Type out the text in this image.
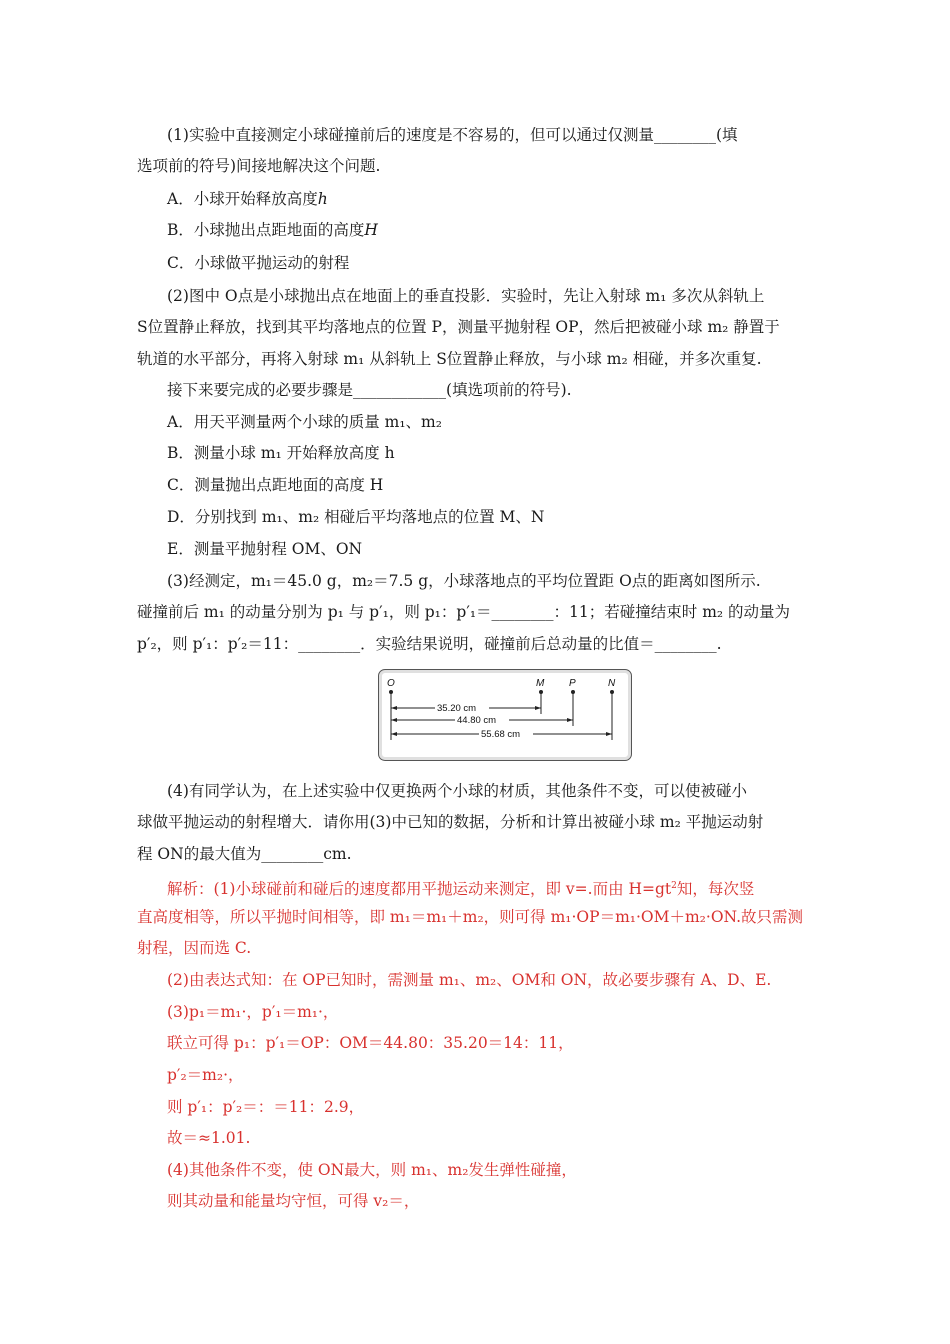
(1)实验中直接测定小球碰撞前后的速度是不容易的，但可以通过仅测量________(填
选项前的符号)间接地解决这个问题.
A．小球开始释放高度h
B．小球抛出点距地面的高度H
C．小球做平抛运动的射程
(2)图中 O点是小球抛出点在地面上的垂直投影．实验时，先让入射球 m₁ 多次从斜轨上
S位置静止释放，找到其平均落地点的位置 P，测量平抛射程 OP，然后把被碰小球 m₂ 静置于
轨道的水平部分，再将入射球 m₁ 从斜轨上 S位置静止释放，与小球 m₂ 相碰，并多次重复.
接下来要完成的必要步骤是____________(填选项前的符号).
A．用天平测量两个小球的质量 m₁、m₂
B．测量小球 m₁ 开始释放高度 h
C．测量抛出点距地面的高度 H
D．分别找到 m₁、m₂ 相碰后平均落地点的位置 M、N
E．测量平抛射程 OM、ON
(3)经测定，m₁＝45.0 g，m₂＝7.5 g，小球落地点的平均位置距 O点的距离如图所示.
碰撞前后 m₁ 的动量分别为 p₁ 与 p′₁，则 p₁：p′₁＝________：11；若碰撞结束时 m₂ 的动量为
p′₂，则 p′₁：p′₂＝11：________．实验结果说明，碰撞前后总动量的比值＝________.
O	M P	N
35.20 cm
44.80 cm
55.68 cm
(4)有同学认为，在上述实验中仅更换两个小球的材质，其他条件不变，可以使被碰小
球做平抛运动的射程增大．请你用(3)中已知的数据，分析和计算出被碰小球 m₂ 平抛运动射
程 ON的最大值为________cm.
解析：(1)小球碰前和碰后的速度都用平抛运动来测定，即 v=.而由 $H=gt^2$知，每次竖
直高度相等，所以平抛时间相等，即 m₁＝m₁＋m₂，则可得 m₁·OP＝m₁·OM＋m₂·ON.故只需测
射程，因而选 C.
(2)由表达式知：在 OP已知时，需测量 m₁、m₂、OM和 ON，故必要步骤有 A、D、E.
(3)p₁＝m₁·，p′₁＝m₁·，
联立可得 p₁：p′₁＝OP：OM＝44.80：35.20＝14：11，
p′₂＝m₂·，
则 p′₁：p′₂＝：＝11：2.9，
故＝≈1.01.
(4)其他条件不变，使 ON最大，则 m₁、m₂发生弹性碰撞，
则其动量和能量均守恒，可得 v₂＝，
